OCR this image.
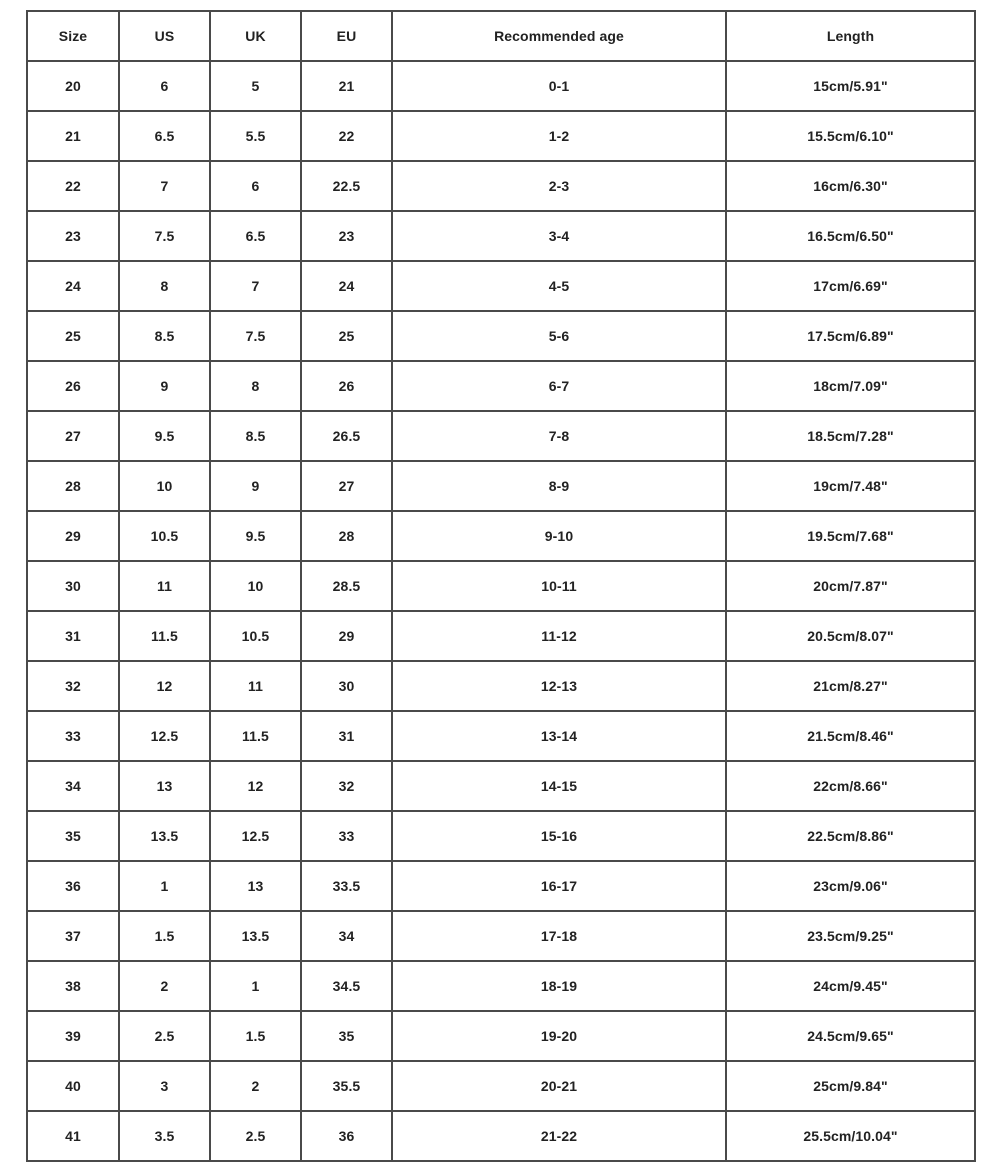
Size	US	UK	EU	Recommended age	Length
20	6	5	21	0-1	15cm/5.91"
21	6.5	5.5	22	1-2	15.5cm/6.10"
22	7	6	22.5	2-3	16cm/6.30"
23	7.5	6.5	23	3-4	16.5cm/6.50"
24	8	7	24	4-5	17cm/6.69"
25	8.5	7.5	25	5-6	17.5cm/6.89"
26	9	8	26	6-7	18cm/7.09"
27	9.5	8.5	26.5	7-8	18.5cm/7.28"
28	10	9	27	8-9	19cm/7.48"
29	10.5	9.5	28	9-10	19.5cm/7.68"
30	11	10	28.5	10-11	20cm/7.87"
31	11.5	10.5	29	11-12	20.5cm/8.07"
32	12	11	30	12-13	21cm/8.27"
33	12.5	11.5	31	13-14	21.5cm/8.46"
34	13	12	32	14-15	22cm/8.66"
35	13.5	12.5	33	15-16	22.5cm/8.86"
36	1	13	33.5	16-17	23cm/9.06"
37	1.5	13.5	34	17-18	23.5cm/9.25"
38	2	1	34.5	18-19	24cm/9.45"
39	2.5	1.5	35	19-20	24.5cm/9.65"
40	3	2	35.5	20-21	25cm/9.84"
41	3.5	2.5	36	21-22	25.5cm/10.04"
